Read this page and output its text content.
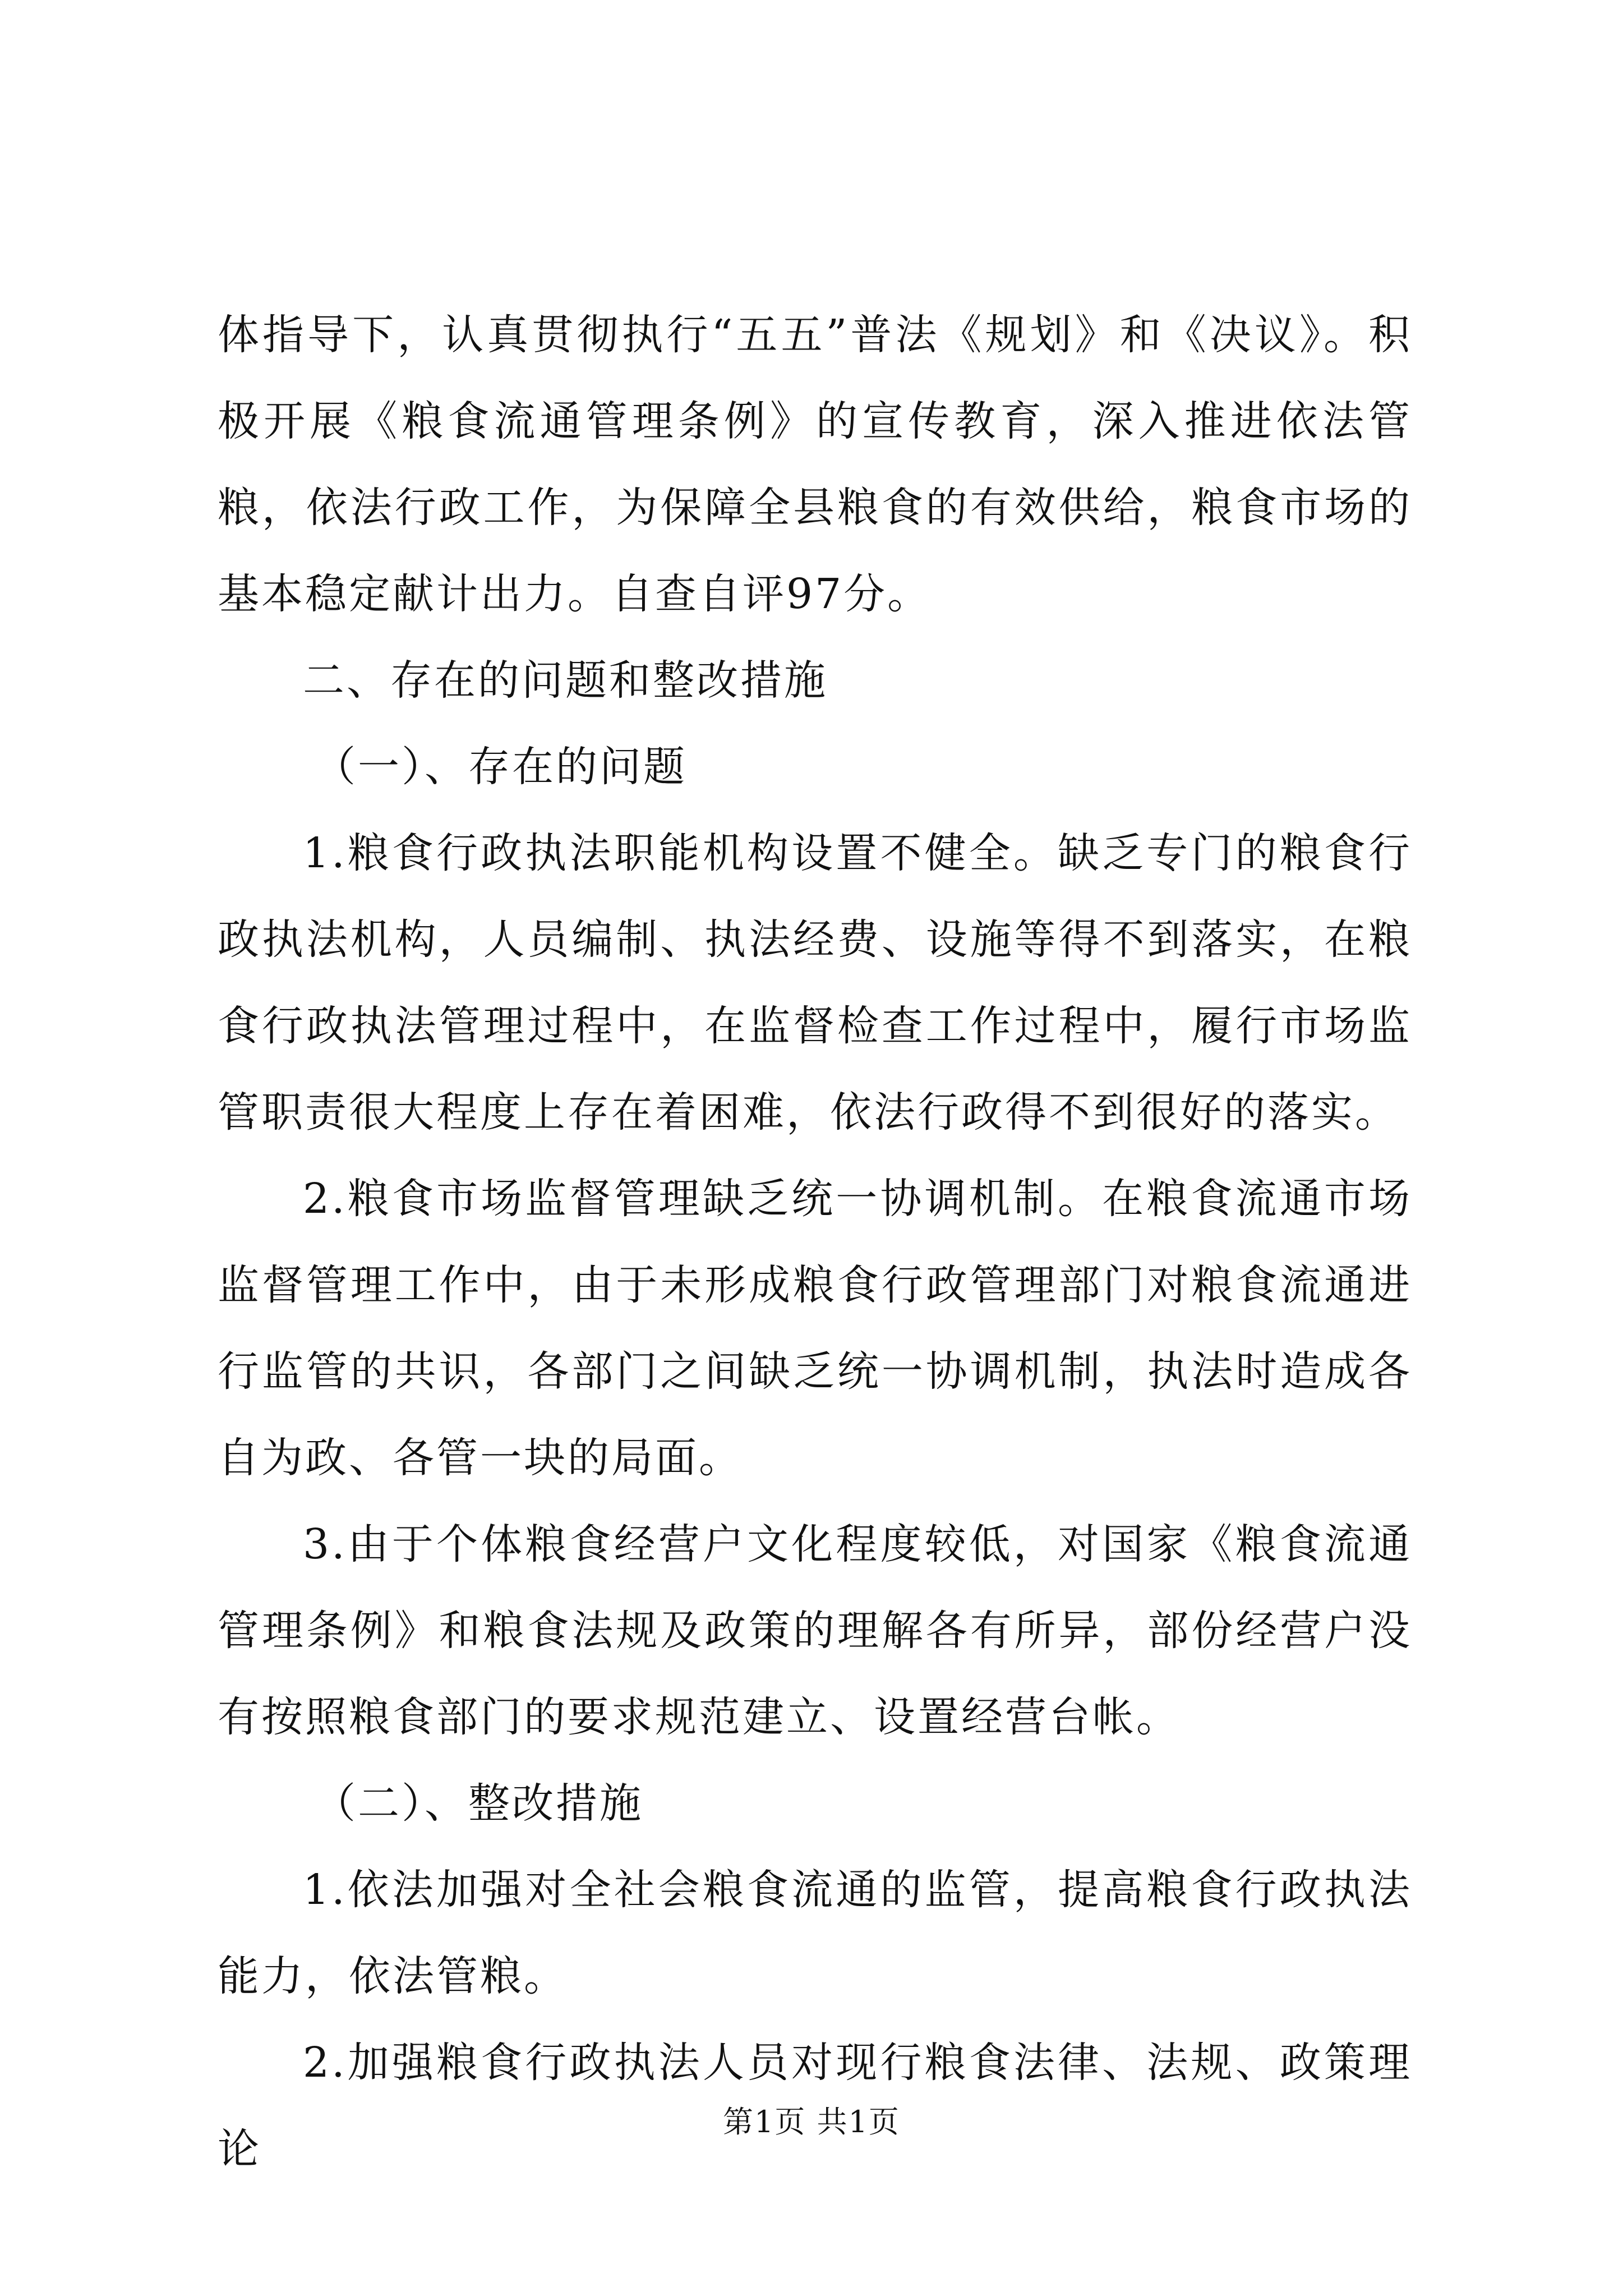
体指导下，认真贯彻执行“五五”普法《规划》和《决议》。积极开展《粮食流通管理条例》的宣传教育，深入推进依法管粮，依法行政工作，为保障全县粮食的有效供给，粮食市场的基本稳定献计出力。自查自评97分。

二、存在的问题和整改措施

（一）、存在的问题

1.粮食行政执法职能机构设置不健全。缺乏专门的粮食行政执法机构，人员编制、执法经费、设施等得不到落实，在粮食行政执法管理过程中，在监督检查工作过程中，履行市场监管职责很大程度上存在着困难，依法行政得不到很好的落实。

2.粮食市场监督管理缺乏统一协调机制。在粮食流通市场监督管理工作中，由于未形成粮食行政管理部门对粮食流通进行监管的共识，各部门之间缺乏统一协调机制，执法时造成各自为政、各管一块的局面。

3.由于个体粮食经营户文化程度较低，对国家《粮食流通管理条例》和粮食法规及政策的理解各有所异，部份经营户没有按照粮食部门的要求规范建立、设置经营台帐。

（二）、整改措施

1.依法加强对全社会粮食流通的监管，提高粮食行政执法能力，依法管粮。

2.加强粮食行政执法人员对现行粮食法律、法规、政策理论

第1页 共1页
